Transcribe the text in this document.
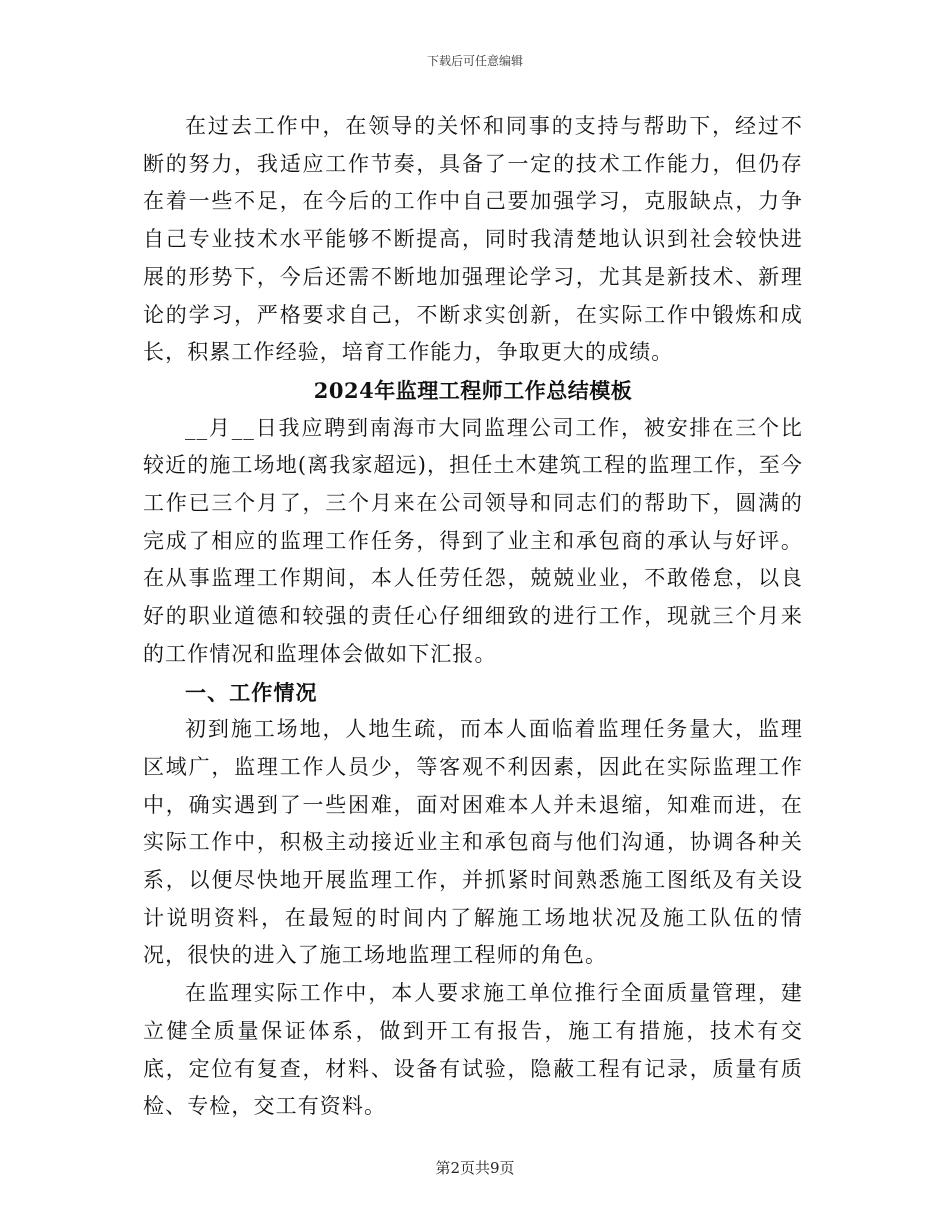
下载后可任意编辑

在过去工作中，在领导的关怀和同事的支持与帮助下，经过不断的努力，我适应工作节奏，具备了一定的技术工作能力，但仍存在着一些不足，在今后的工作中自己要加强学习，克服缺点，力争自己专业技术水平能够不断提高，同时我清楚地认识到社会较快进展的形势下，今后还需不断地加强理论学习，尤其是新技术、新理论的学习，严格要求自己，不断求实创新，在实际工作中锻炼和成长，积累工作经验，培育工作能力，争取更大的成绩。

2024年监理工程师工作总结模板

__月__日我应聘到南海市大同监理公司工作，被安排在三个比较近的施工场地(离我家超远)，担任土木建筑工程的监理工作，至今工作已三个月了，三个月来在公司领导和同志们的帮助下，圆满的完成了相应的监理工作任务，得到了业主和承包商的承认与好评。在从事监理工作期间，本人任劳任怨，兢兢业业，不敢倦怠，以良好的职业道德和较强的责任心仔细细致的进行工作，现就三个月来的工作情况和监理体会做如下汇报。

一、工作情况

初到施工场地，人地生疏，而本人面临着监理任务量大，监理区域广，监理工作人员少，等客观不利因素，因此在实际监理工作中，确实遇到了一些困难，面对困难本人并未退缩，知难而进，在实际工作中，积极主动接近业主和承包商与他们沟通，协调各种关系，以便尽快地开展监理工作，并抓紧时间熟悉施工图纸及有关设计说明资料，在最短的时间内了解施工场地状况及施工队伍的情况，很快的进入了施工场地监理工程师的角色。

在监理实际工作中，本人要求施工单位推行全面质量管理，建立健全质量保证体系，做到开工有报告，施工有措施，技术有交底，定位有复查，材料、设备有试验，隐蔽工程有记录，质量有质检、专检，交工有资料。

第2页共9页
